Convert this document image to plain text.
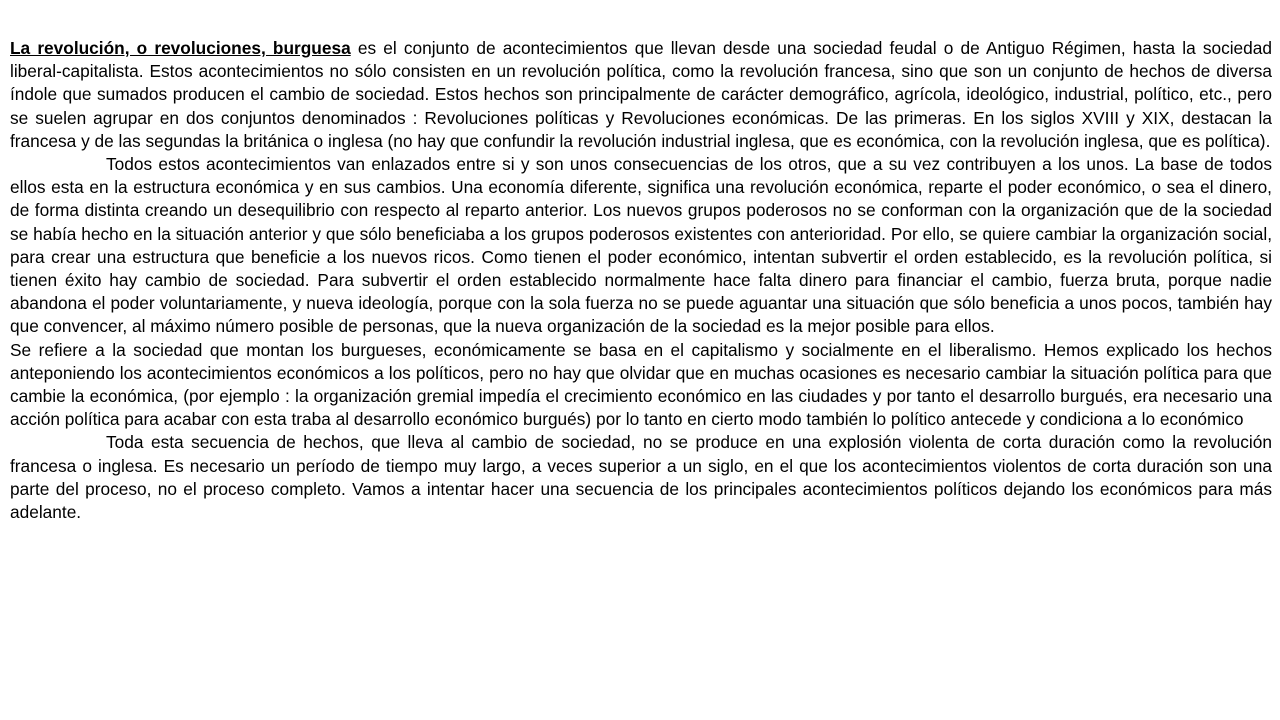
La revolución, o revoluciones, burguesa es el conjunto de acontecimientos que llevan desde una sociedad feudal o de Antiguo Régimen, hasta la sociedad liberal-capitalista. Estos acontecimientos no sólo consisten en un revolución política, como la revolución francesa, sino que son un conjunto de hechos de diversa índole que sumados producen el cambio de sociedad. Estos hechos son principalmente de carácter demográfico, agrícola, ideológico, industrial, político, etc., pero se suelen agrupar en dos conjuntos denominados : Revoluciones políticas y Revoluciones económicas. De las primeras. En los siglos XVIII y XIX, destacan la francesa y de las segundas la británica o inglesa (no hay que confundir la revolución industrial inglesa, que es económica, con la revolución inglesa, que es política).

Todos estos acontecimientos van enlazados entre si y son unos consecuencias de los otros, que a su vez contribuyen a los unos. La base de todos ellos esta en la estructura económica y en sus cambios. Una economía diferente, significa una revolución económica, reparte el poder económico, o sea el dinero, de forma distinta creando un desequilibrio con respecto al reparto anterior. Los nuevos grupos poderosos no se conforman con la organización que de la sociedad se había hecho en la situación anterior y que sólo beneficiaba a los grupos poderosos existentes con anterioridad. Por ello, se quiere cambiar la organización social, para crear una estructura que beneficie a los nuevos ricos. Como tienen el poder económico, intentan subvertir el orden establecido, es la revolución política, si tienen éxito hay cambio de sociedad. Para subvertir el orden establecido normalmente hace falta dinero para financiar el cambio, fuerza bruta, porque nadie abandona el poder voluntariamente, y nueva ideología, porque con la sola fuerza no se puede aguantar una situación que sólo beneficia a unos pocos, también hay que convencer, al máximo número posible de personas, que la nueva organización de la sociedad es la mejor posible para ellos.

Se refiere a la sociedad que montan los burgueses, económicamente se basa en el capitalismo y socialmente en el liberalismo. Hemos explicado los hechos anteponiendo los acontecimientos económicos a los políticos, pero no hay que olvidar que en muchas ocasiones es necesario cambiar la situación política para que cambie la económica, (por ejemplo : la organización gremial impedía el crecimiento económico en las ciudades y por tanto el desarrollo burgués, era necesario una acción política para acabar con esta traba al desarrollo económico burgués) por lo tanto en cierto modo también lo político antecede y condiciona a lo económico

Toda esta secuencia de hechos, que lleva al cambio de sociedad, no se produce en una explosión violenta de corta duración como la revolución francesa o inglesa. Es necesario un período de tiempo muy largo, a veces superior a un siglo, en el que los acontecimientos violentos de corta duración son una parte del proceso, no el proceso completo. Vamos a intentar hacer una secuencia de los principales acontecimientos políticos dejando los económicos para más adelante.
